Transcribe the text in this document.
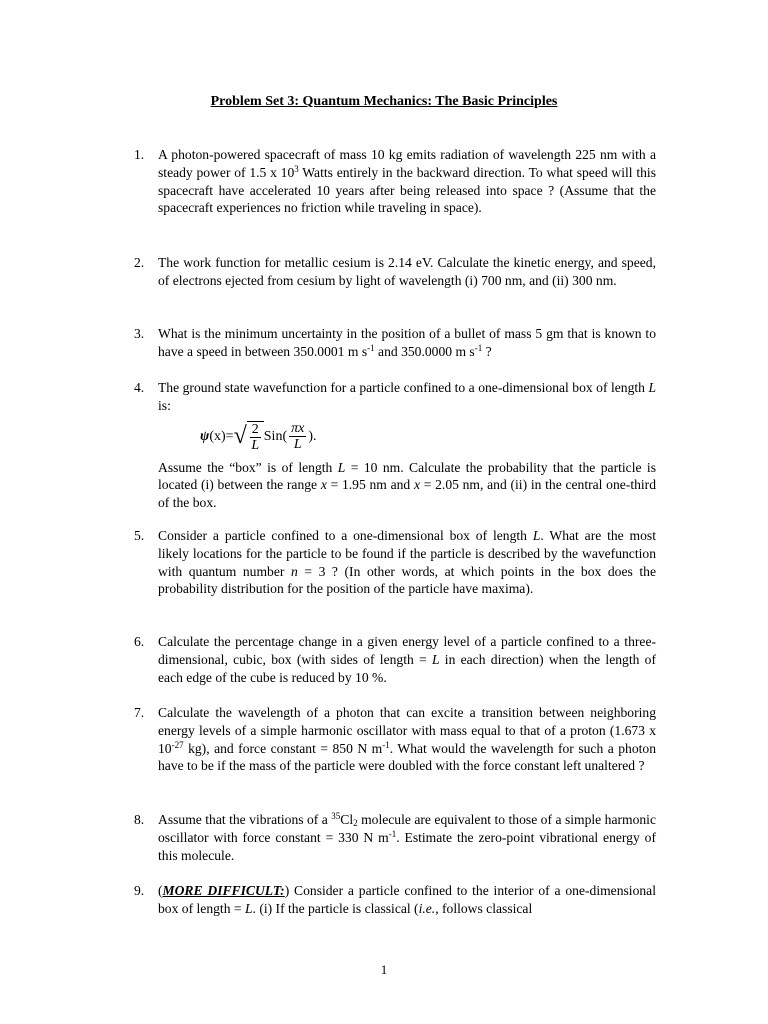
Problem Set 3: Quantum Mechanics: The Basic Principles
1.	A photon-powered spacecraft of mass 10 kg emits radiation of wavelength 225 nm with a steady power of 1.5 x $10^3$ Watts entirely in the backward direction. To what speed will this spacecraft have accelerated 10 years after being released into space ? (Assume that the spacecraft experiences no friction while traveling in space).

2.	The work function for metallic cesium is 2.14 eV. Calculate the kinetic energy, and speed, of electrons ejected from cesium by light of wavelength (i) 700 nm, and (ii) 300 nm.

3.	What is the minimum uncertainty in the position of a bullet of mass 5 gm that is known to have a speed in between 350.0001 m $s^{-1}$ and 350.0000 m $s^{-1}$ ?

4.	The ground state wavefunction for a particle confined to a one-dimensional box of length L is:

ψ (x)= √ $\frac{2}{L} Sin( \frac{\pi x}{L}$ ).

Assume the “box” is of length L = 10 nm. Calculate the probability that the particle is located (i) between the range x = 1.95 nm and x = 2.05 nm, and (ii) in the central one-third of the box.

5.	Consider a particle confined to a one-dimensional box of length L. What are the most likely locations for the particle to be found if the particle is described by the wavefunction with quantum number n = 3 ? (In other words, at which points in the box does the probability distribution for the position of the particle have maxima).

6.	Calculate the percentage change in a given energy level of a particle confined to a three-dimensional, cubic, box (with sides of length = L in each direction) when the length of each edge of the cube is reduced by 10 %.

7.	Calculate the wavelength of a photon that can excite a transition between neighboring energy levels of a simple harmonic oscillator with mass equal to that of a proton (1.673 x $10^{-27}$ kg), and force constant = 850 N $m^{-1}$. What would the wavelength for such a photon have to be if the mass of the particle were doubled with the force constant left unaltered ?

8.	Assume that the vibrations of a $^{35}Cl_2$ molecule are equivalent to those of a simple harmonic oscillator with force constant = 330 N $m^{-1}$. Estimate the zero-point vibrational energy of this molecule.

9.	(MORE DIFFICULT:) Consider a particle confined to the interior of a one-dimensional box of length = L. (i) If the particle is classical (i.e., follows classical

1
